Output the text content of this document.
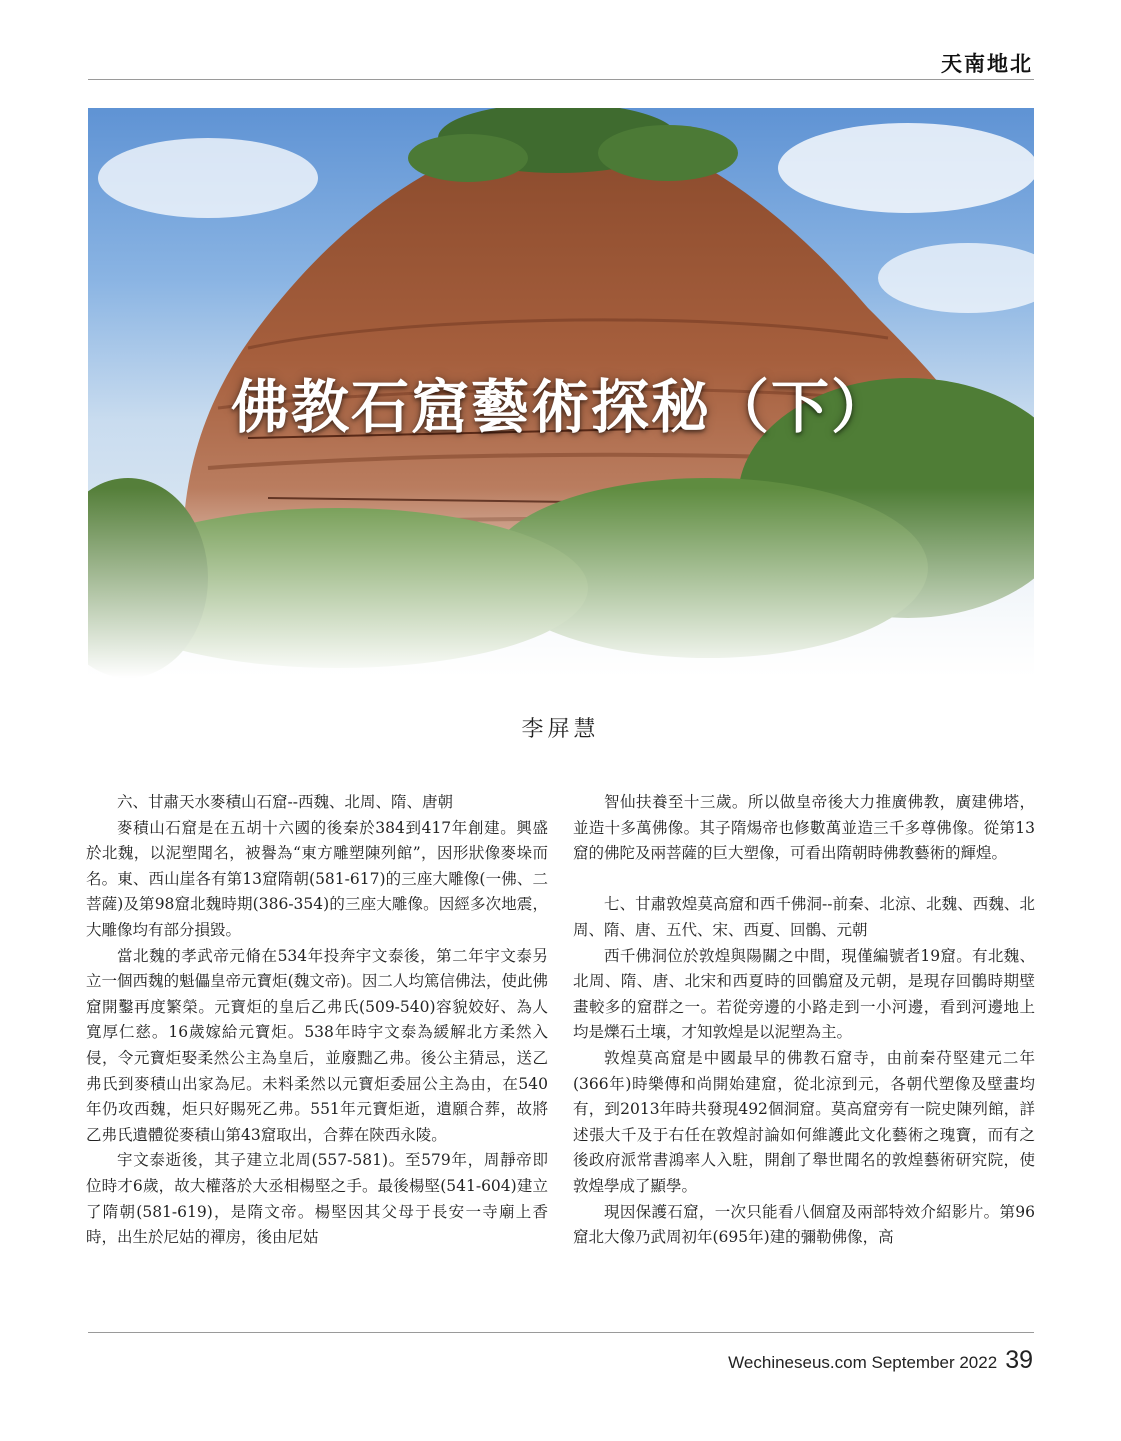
天南地北
佛教石窟藝術探秘（下）
李屏慧

六、甘肅天水麥積山石窟--西魏、北周、隋、唐朝

麥積山石窟是在五胡十六國的後秦於384到417年創建。興盛於北魏，以泥塑聞名，被譽為“東方雕塑陳列館”，因形狀像麥垛而名。東、西山崖各有第13窟隋朝(581-617)的三座大雕像(一佛、二菩薩)及第98窟北魏時期(386-354)的三座大雕像。因經多次地震，大雕像均有部分損毀。

當北魏的孝武帝元脩在534年投奔宇文泰後，第二年宇文泰另立一個西魏的魁儡皇帝元寶炬(魏文帝)。因二人均篤信佛法，使此佛窟開鑿再度繁榮。元寶炬的皇后乙弗氏(509-540)容貌姣好、為人寬厚仁慈。16歲嫁給元寶炬。538年時宇文泰為緩解北方柔然入侵，令元寶炬娶柔然公主為皇后，並廢黜乙弗。後公主猜忌，送乙弗氏到麥積山出家為尼。未料柔然以元寶炬委屈公主為由，在540年仍攻西魏，炬只好賜死乙弗。551年元寶炬逝，遺願合葬，故將乙弗氏遺體從麥積山第43窟取出，合葬在陝西永陵。

宇文泰逝後，其子建立北周(557-581)。至579年，周靜帝即位時才6歲，故大權落於大丞相楊堅之手。最後楊堅(541-604)建立了隋朝(581-619)，是隋文帝。楊堅因其父母于長安一寺廟上香時，出生於尼姑的禪房，後由尼姑

智仙扶養至十三歲。所以做皇帝後大力推廣佛教，廣建佛塔，並造十多萬佛像。其子隋煬帝也修數萬並造三千多尊佛像。從第13窟的佛陀及兩菩薩的巨大塑像，可看出隋朝時佛教藝術的輝煌。

七、甘肅敦煌莫高窟和西千佛洞--前秦、北涼、北魏、西魏、北周、隋、唐、五代、宋、西夏、回鶻、元朝

西千佛洞位於敦煌與陽關之中間，現僅編號者19窟。有北魏、北周、隋、唐、北宋和西夏時的回鶻窟及元朝，是現存回鶻時期壁畫較多的窟群之一。若從旁邊的小路走到一小河邊，看到河邊地上均是爍石土壤，才知敦煌是以泥塑為主。

敦煌莫高窟是中國最早的佛教石窟寺，由前秦苻堅建元二年(366年)時樂傳和尚開始建窟，從北涼到元，各朝代塑像及壁畫均有，到2013年時共發現492個洞窟。莫高窟旁有一院史陳列館，詳述張大千及于右任在敦煌討論如何維護此文化藝術之瑰寶，而有之後政府派常書鴻率人入駐，開創了舉世聞名的敦煌藝術研究院，使敦煌學成了顯學。

現因保護石窟，一次只能看八個窟及兩部特效介紹影片。第96窟北大像乃武周初年(695年)建的彌勒佛像，高

Wechineseus.com September 2022 39
